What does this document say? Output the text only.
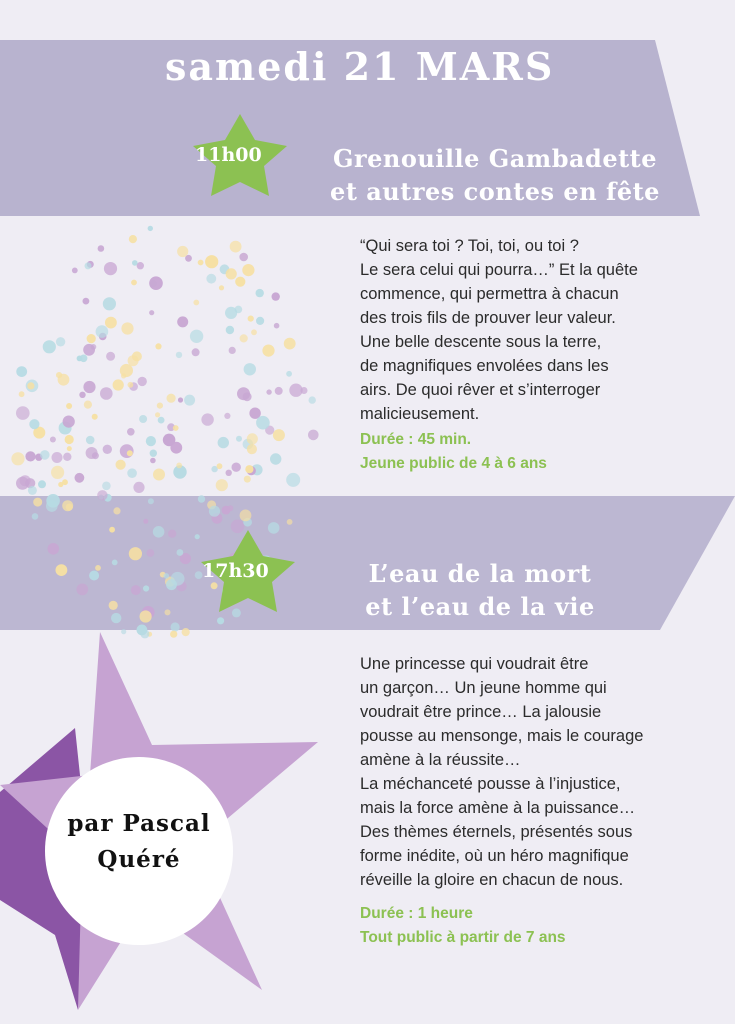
samedi 21 MARS
11h00	Grenouille Gambadette
et autres contes en fête

“Qui sera toi ? Toi, toi, ou toi ?

Le sera celui qui pourra…” Et la quête

commence, qui permettra à chacun

des trois fils de prouver leur valeur.

Une belle descente sous la terre,

de magnifiques envolées dans les

airs. De quoi rêver et s’interroger

malicieusement.

Durée : 45 min.
Jeune public de 4 à 6 ans
17h30	L’eau de la mort
et l’eau de la vie

Une princesse qui voudrait être

un garçon… Un jeune homme qui

voudrait être prince… La jalousie

pousse au mensonge, mais le courage

amène à la réussite…

La méchanceté pousse à l’injustice,

mais la force amène à la puissance…

Des thèmes éternels, présentés sous

forme inédite, où un héro magnifique

réveille la gloire en chacun de nous.

Durée : 1 heure
Tout public à partir de 7 ans
par Pascal
Quéré
